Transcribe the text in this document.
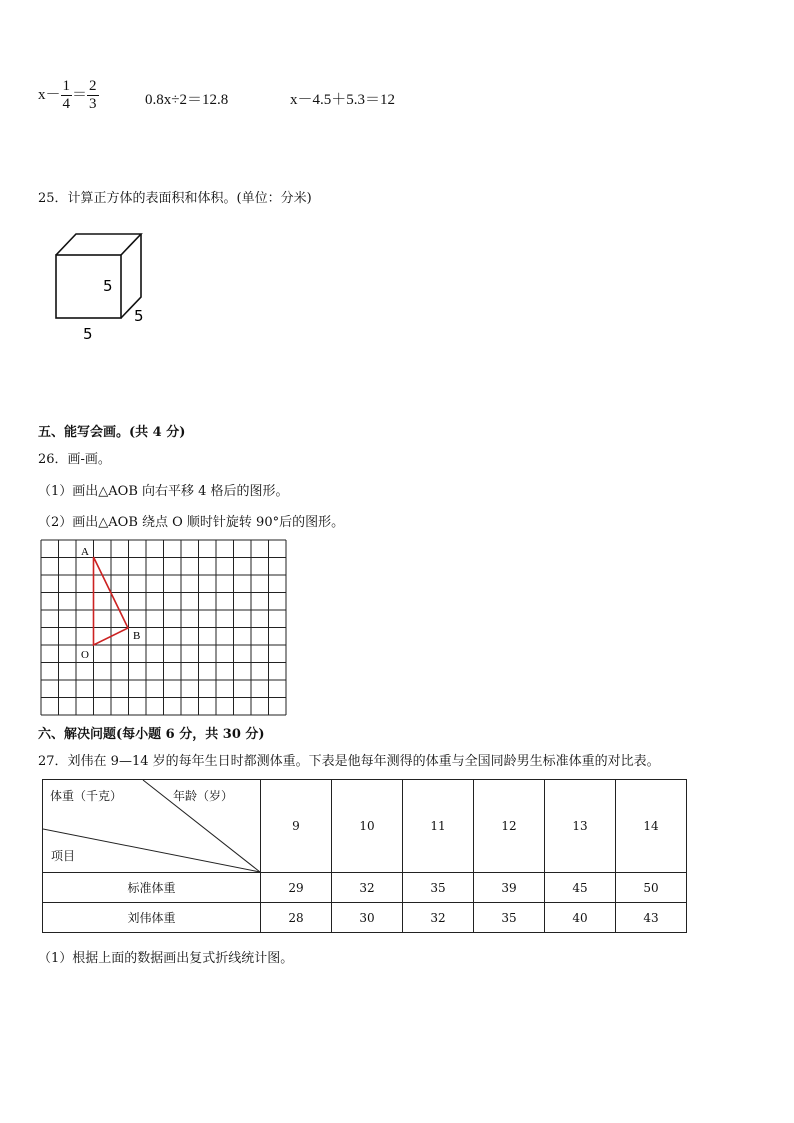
$x- \frac{1}{4} = \frac{2}{3}$	0.8x÷2＝12.8	x－4.5＋5.3＝12
25．计算正方体的表面积和体积。(单位：分米)
5
5
5
五、能写会画。(共 4 分)
26．画-画。
（1）画出△AOB 向右平移 4 格后的图形。
（2）画出△AOB 绕点 O 顺时针旋转 90°后的图形。
A
B
O
六、解决问题(每小题 6 分，共 30 分)
27．刘伟在 9—14 岁的每年生日时都测体重。下表是他每年测得的体重与全国同龄男生标准体重的对比表。
体重（千克） 年龄（岁）
项目	9	10	11	12	13	14
标准体重	29	32	35	39	45	50
刘伟体重	28	30	32	35	40	43
（1）根据上面的数据画出复式折线统计图。
